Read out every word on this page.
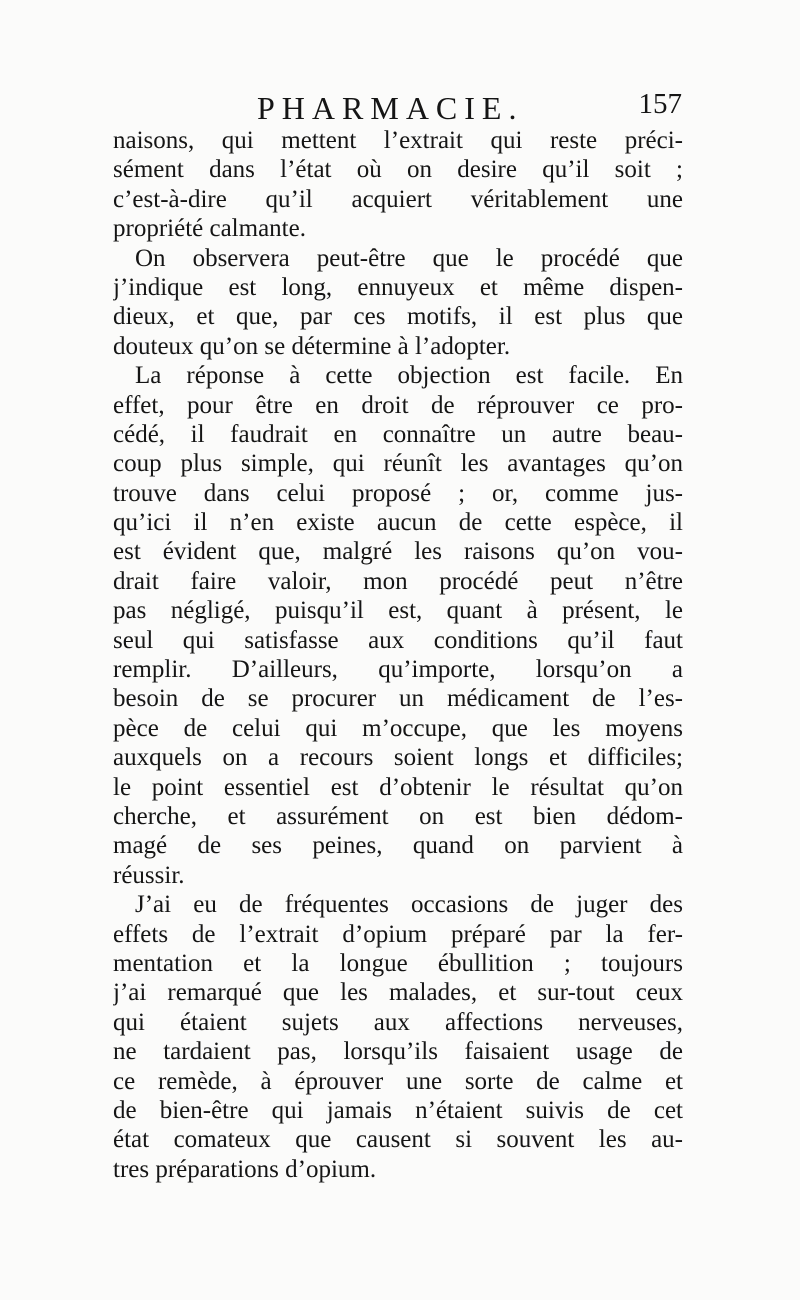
PHARMACIE.	157
naisons, qui mettent l’extrait qui reste préci-
sément dans l’état où on desire qu’il soit ;
c’est-à-dire qu’il acquiert véritablement une
propriété calmante.
On observera peut-être que le procédé que
j’indique est long, ennuyeux et même dispen-
dieux, et que, par ces motifs, il est plus que
douteux qu’on se détermine à l’adopter.
La réponse à cette objection est facile. En
effet, pour être en droit de réprouver ce pro-
cédé, il faudrait en connaître un autre beau-
coup plus simple, qui réunît les avantages qu’on
trouve dans celui proposé ; or, comme jus-
qu’ici il n’en existe aucun de cette espèce, il
est évident que, malgré les raisons qu’on vou-
drait faire valoir, mon procédé peut n’être
pas négligé, puisqu’il est, quant à présent, le
seul qui satisfasse aux conditions qu’il faut
remplir. D’ailleurs, qu’importe, lorsqu’on a
besoin de se procurer un médicament de l’es-
pèce de celui qui m’occupe, que les moyens
auxquels on a recours soient longs et difficiles;
le point essentiel est d’obtenir le résultat qu’on
cherche, et assurément on est bien dédom-
magé de ses peines, quand on parvient à
réussir.
J’ai eu de fréquentes occasions de juger des
effets de l’extrait d’opium préparé par la fer-
mentation et la longue ébullition ; toujours
j’ai remarqué que les malades, et sur-tout ceux
qui étaient sujets aux affections nerveuses,
ne tardaient pas, lorsqu’ils faisaient usage de
ce remède, à éprouver une sorte de calme et
de bien-être qui jamais n’étaient suivis de cet
état comateux que causent si souvent les au-
tres préparations d’opium.
